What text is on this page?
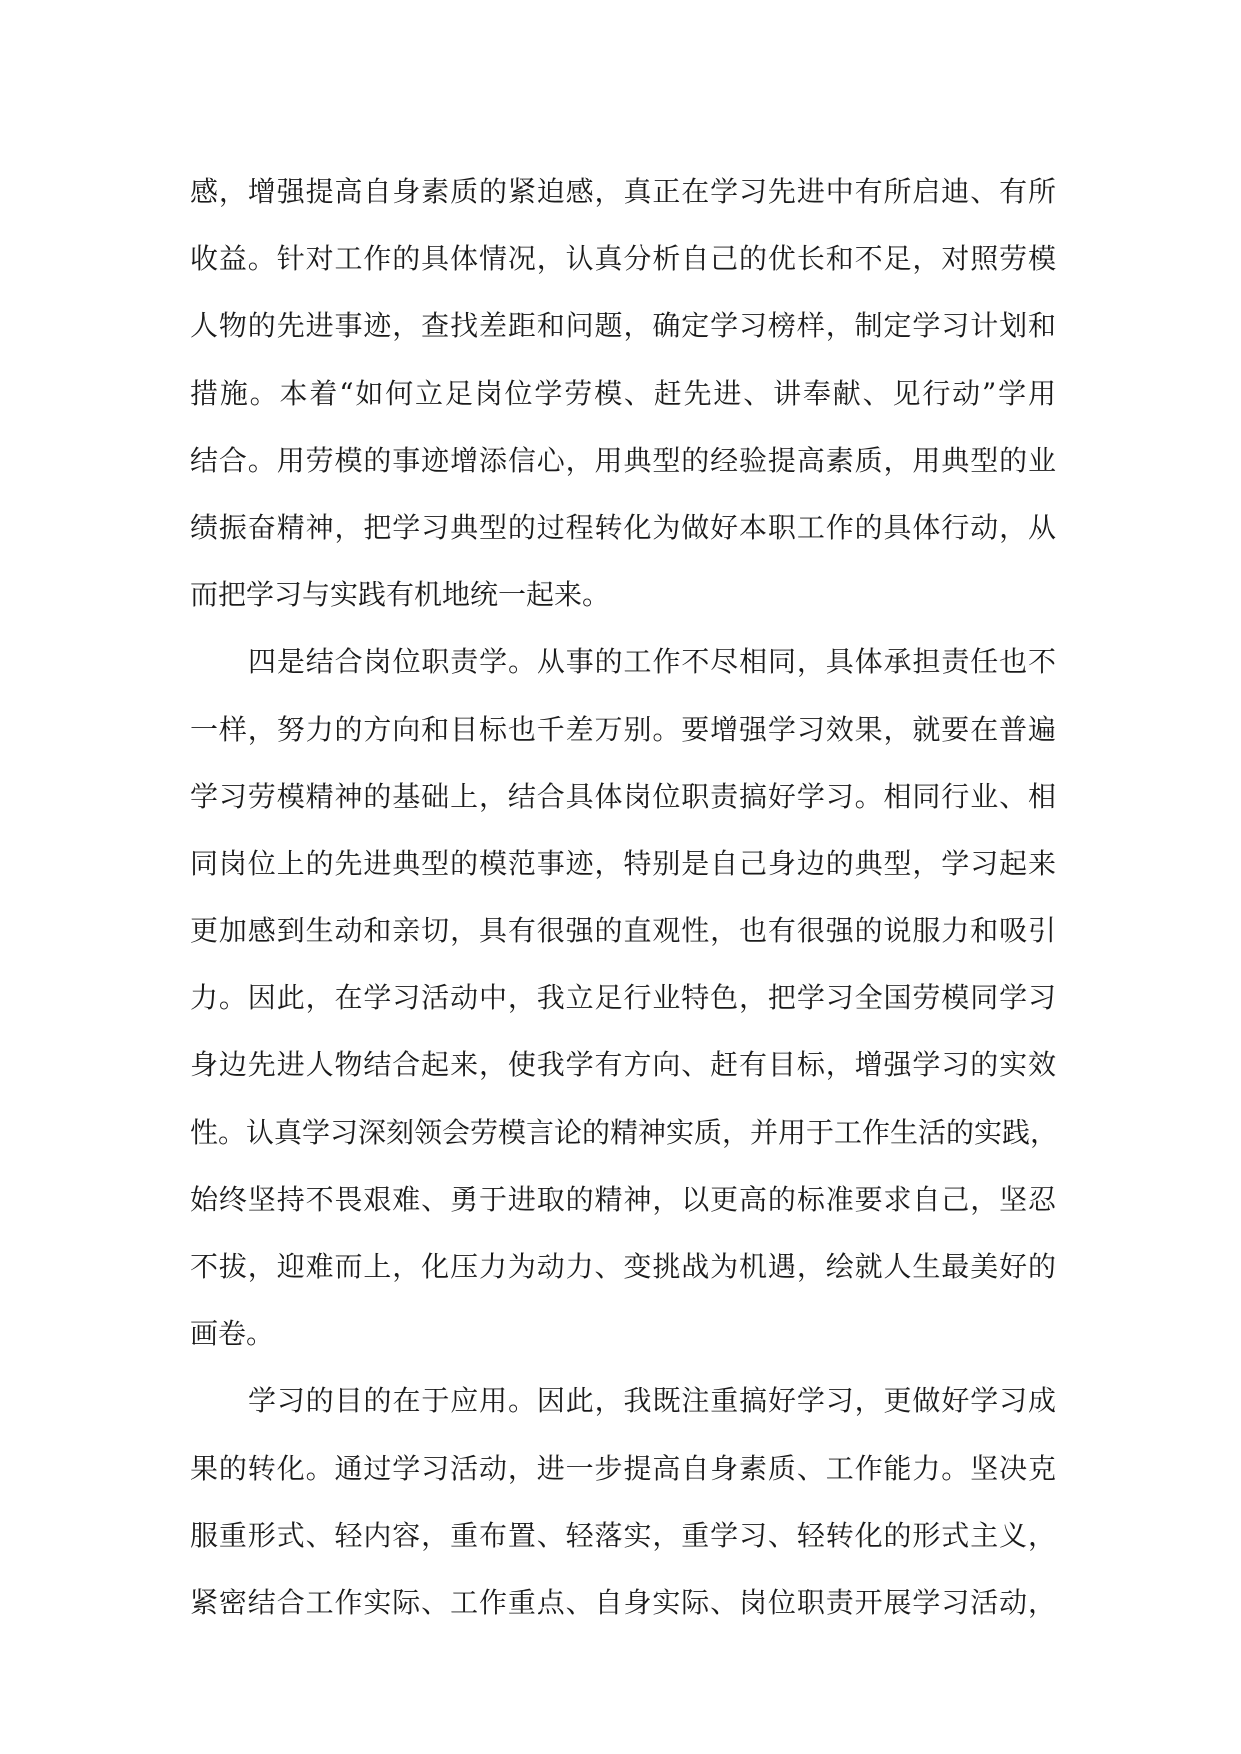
感，增强提高自身素质的紧迫感，真正在学习先进中有所启迪、有所
收益。针对工作的具体情况，认真分析自己的优长和不足，对照劳模
人物的先进事迹，查找差距和问题，确定学习榜样，制定学习计划和
措施。本着“如何立足岗位学劳模、赶先进、讲奉献、见行动”学用
结合。用劳模的事迹增添信心，用典型的经验提高素质，用典型的业
绩振奋精神，把学习典型的过程转化为做好本职工作的具体行动，从
而把学习与实践有机地统一起来。
四是结合岗位职责学。从事的工作不尽相同，具体承担责任也不
一样，努力的方向和目标也千差万别。要增强学习效果，就要在普遍
学习劳模精神的基础上，结合具体岗位职责搞好学习。相同行业、相
同岗位上的先进典型的模范事迹，特别是自己身边的典型，学习起来
更加感到生动和亲切，具有很强的直观性，也有很强的说服力和吸引
力。因此，在学习活动中，我立足行业特色，把学习全国劳模同学习
身边先进人物结合起来，使我学有方向、赶有目标，增强学习的实效
性。认真学习深刻领会劳模言论的精神实质，并用于工作生活的实践，
始终坚持不畏艰难、勇于进取的精神，以更高的标准要求自己，坚忍
不拔，迎难而上，化压力为动力、变挑战为机遇，绘就人生最美好的
画卷。
学习的目的在于应用。因此，我既注重搞好学习，更做好学习成
果的转化。通过学习活动，进一步提高自身素质、工作能力。坚决克
服重形式、轻内容，重布置、轻落实，重学习、轻转化的形式主义，
紧密结合工作实际、工作重点、自身实际、岗位职责开展学习活动，
